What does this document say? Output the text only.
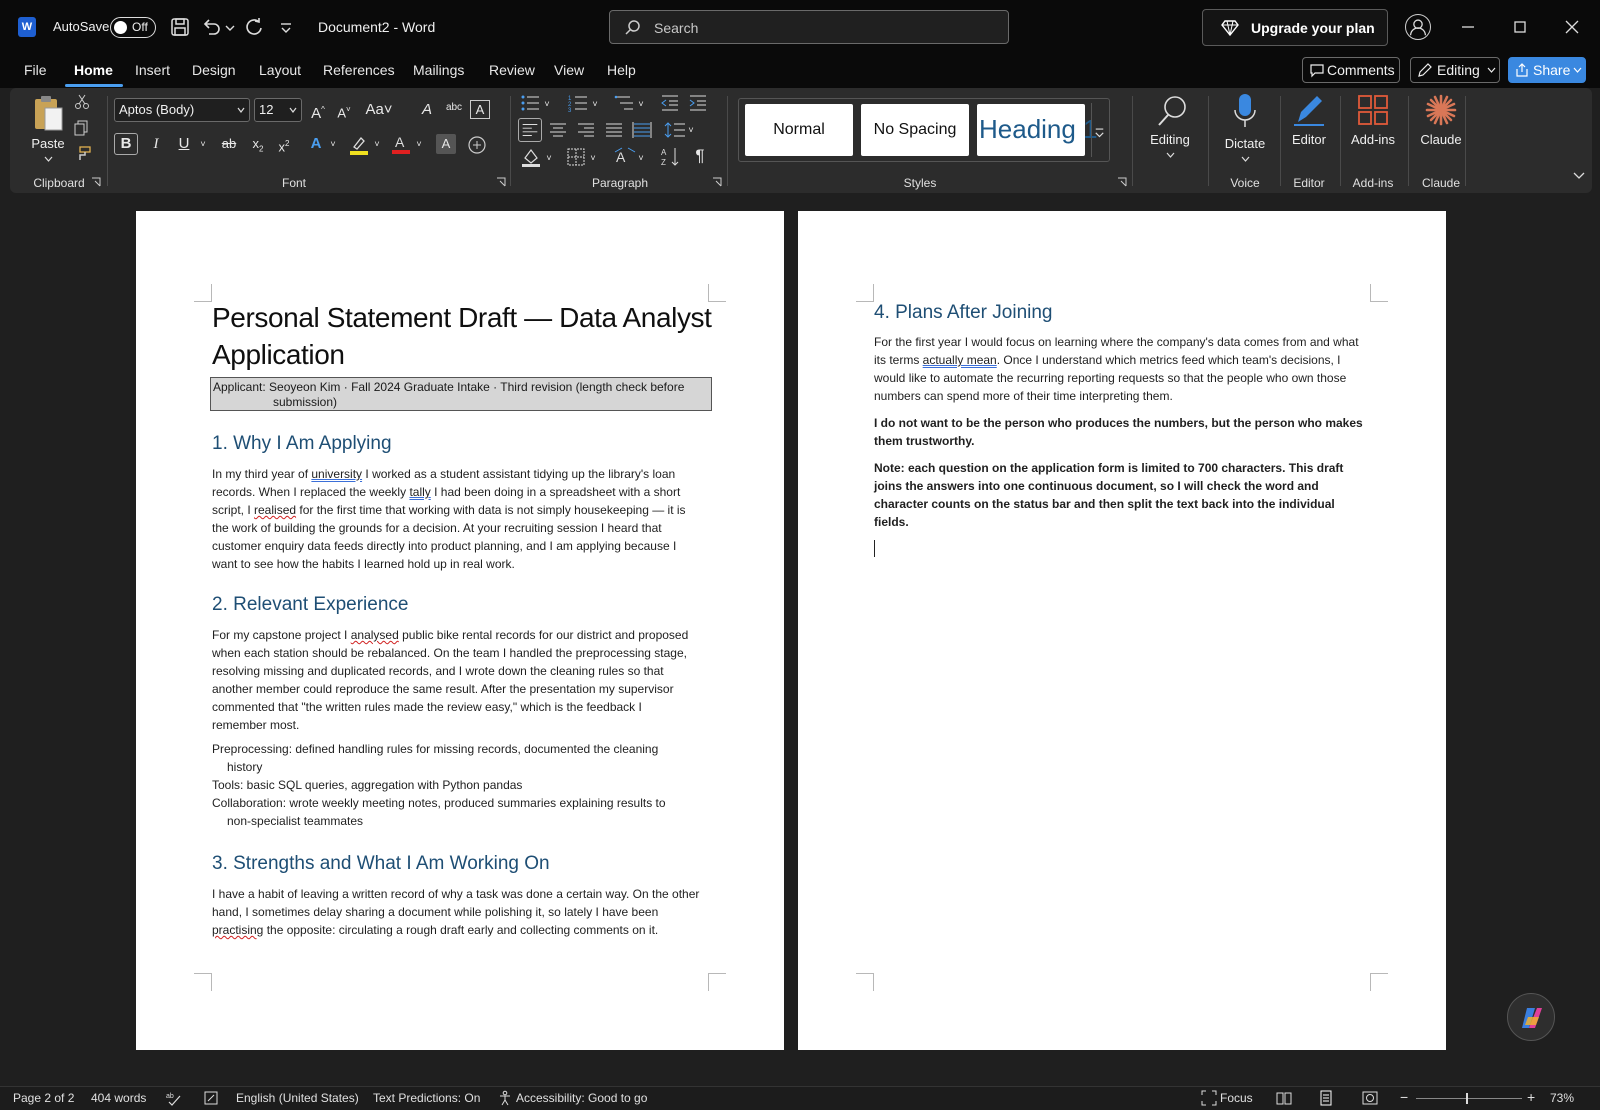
W AutoSave Off	Document2 - Word	Search	Upgrade your plan
File Home Insert Design Layout References Mailings Review View Help	Comments	Editing	Share
Paste
Clipboard
Aptos (Body)	12	A^ A˅ Aa˅	A	abc	A
B	I	U	˅ ab	$x_2$	$x^2$	A ˅	˅ A ˅	A
Font
˅	1
2
3
˅	˅
˅
˅	˅ A ˅
A
Z	¶
Paragraph
Normal	No Spacing Heading 1
Styles
Editing	Dictate
Voice
Editor
Editor
Add-ins
Add-ins
Claude
Claude
Personal Statement Draft — Data Analyst
Application
Applicant: Seoyeon Kim · Fall 2024 Graduate Intake · Third revision (length check before
submission)
1. Why I Am Applying
In my third year of university I worked as a student assistant tidying up the library's loan
records. When I replaced the weekly tally I had been doing in a spreadsheet with a short
script, I realised for the first time that working with data is not simply housekeeping — it is
the work of building the grounds for a decision. At your recruiting session I heard that
customer enquiry data feeds directly into product planning, and I am applying because I
want to see how the habits I learned hold up in real work.
2. Relevant Experience
For my capstone project I analysed public bike rental records for our district and proposed
when each station should be rebalanced. On the team I handled the preprocessing stage,
resolving missing and duplicated records, and I wrote down the cleaning rules so that
another member could reproduce the same result. After the presentation my supervisor
commented that "the written rules made the review easy," which is the feedback I
remember most.
Preprocessing: defined handling rules for missing records, documented the cleaning
history
Tools: basic SQL queries, aggregation with Python pandas
Collaboration: wrote weekly meeting notes, produced summaries explaining results to
non-specialist teammates
3. Strengths and What I Am Working On
I have a habit of leaving a written record of why a task was done a certain way. On the other
hand, I sometimes delay sharing a document while polishing it, so lately I have been
practising the opposite: circulating a rough draft early and collecting comments on it.
4. Plans After Joining
For the first year I would focus on learning where the company's data comes from and what
its terms actually mean. Once I understand which metrics feed which team's decisions, I
would like to automate the recurring reporting requests so that the people who own those
numbers can spend more of their time interpreting them.
I do not want to be the person who produces the numbers, but the person who makes
them trustworthy.
Note: each question on the application form is limited to 700 characters. This draft
joins the answers into one continuous document, so I will check the word and
character counts on the status bar and then split the text back into the individual
fields.
Page 2 of 2 404 words	ab	English (United States) Text Predictions: On	Accessibility: Good to go	Focus	−	+ 73%
